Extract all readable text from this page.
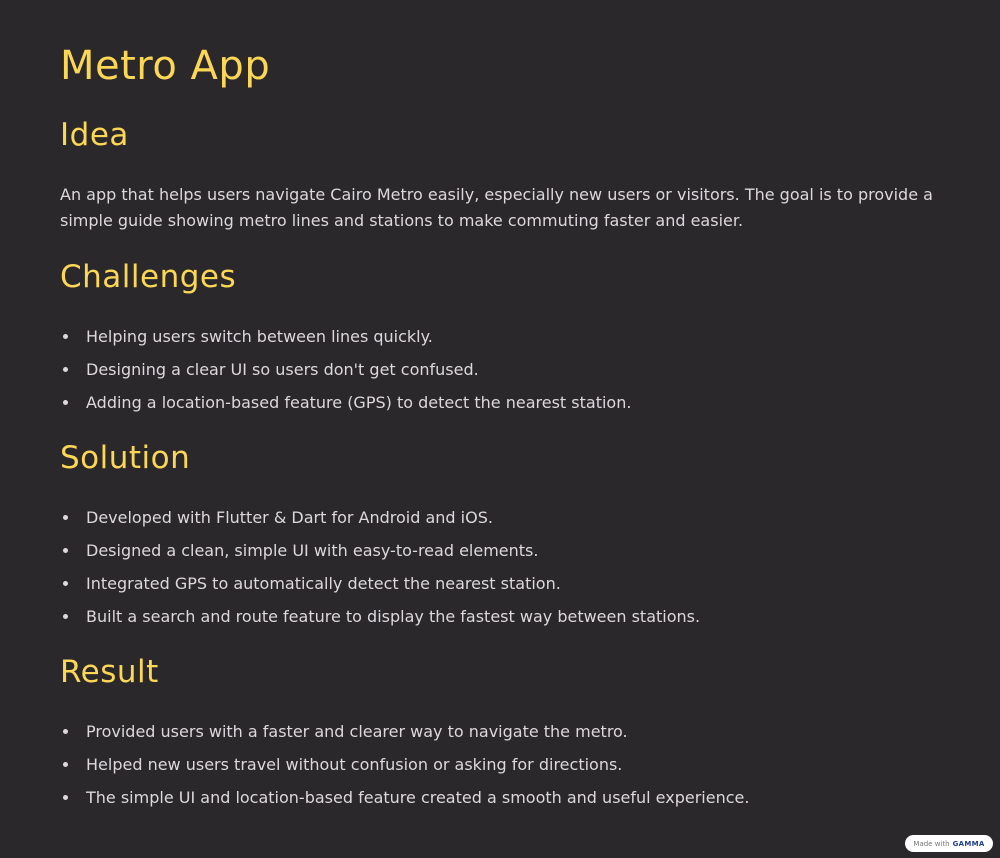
Metro App
Idea

An app that helps users navigate Cairo Metro easily, especially new users or visitors. The goal is to provide a simple guide showing metro lines and stations to make commuting faster and easier.

Challenges
Helping users switch between lines quickly.
Designing a clear UI so users don't get confused.
Adding a location-based feature (GPS) to detect the nearest station.
Solution
Developed with Flutter & Dart for Android and iOS.
Designed a clean, simple UI with easy-to-read elements.
Integrated GPS to automatically detect the nearest station.
Built a search and route feature to display the fastest way between stations.
Result
Provided users with a faster and clearer way to navigate the metro.
Helped new users travel without confusion or asking for directions.
The simple UI and location-based feature created a smooth and useful experience.
Made with GAMMA
